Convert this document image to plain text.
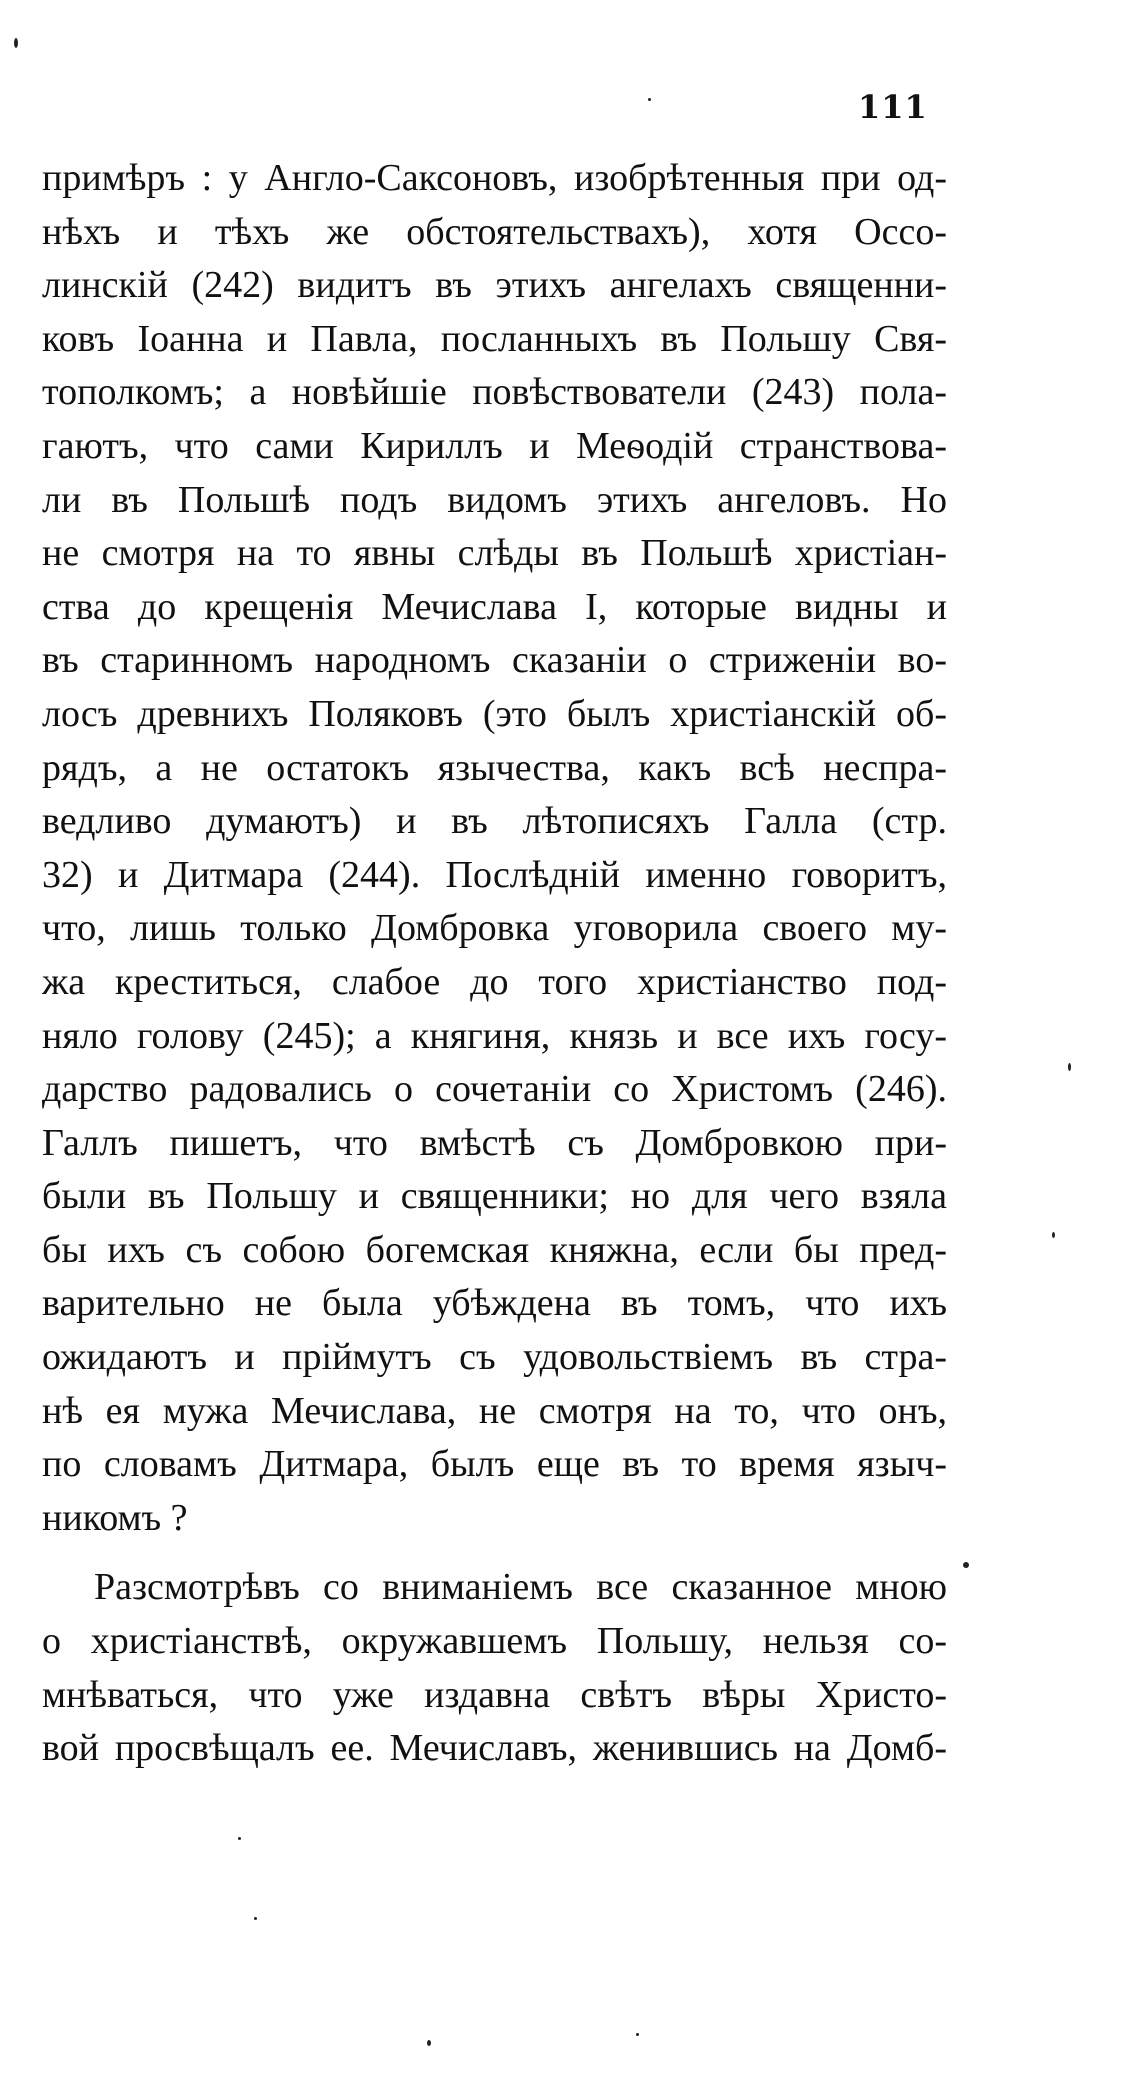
111
примѣръ : у Англо-Саксоновъ, изобрѣтенныя при од-
нѣхъ и тѣхъ же обстоятельствахъ), хотя Оссо-
линскій (242) видитъ въ этихъ ангелахъ священни-
ковъ Іоанна и Павла, посланныхъ въ Польшу Свя-
тополкомъ; а новѣйшіе повѣствователи (243) пола-
гаютъ, что сами Кириллъ и Меѳодій странствова-
ли въ Польшѣ подъ видомъ этихъ ангеловъ. Но
не смотря на то явны слѣды въ Польшѣ христіан-
ства до крещенія Мечислава I, которые видны и
въ старинномъ народномъ сказаніи о стриженіи во-
лосъ древнихъ Поляковъ (это былъ христіанскій об-
рядъ, а не остатокъ язычества, какъ всѣ неспра-
ведливо думаютъ) и въ лѣтописяхъ Галла (стр.
32) и Дитмара (244). Послѣдній именно говоритъ,
что, лишь только Домбровка уговорила своего му-
жа креститься, слабое до того христіанство под-
няло голову (245); а княгиня, князь и все ихъ госу-
дарство радовались о сочетаніи со Христомъ (246).
Галлъ пишетъ, что вмѣстѣ съ Домбровкою при-
были въ Польшу и священники; но для чего взяла
бы ихъ съ собою богемская княжна, если бы пред-
варительно не была убѣждена въ томъ, что ихъ
ожидаютъ и пріймутъ съ удовольствіемъ въ стра-
нѣ ея мужа Мечислава, не смотря на то, что онъ,
по словамъ Дитмара, былъ еще въ то время языч-
никомъ ?
Разсмотрѣвъ со вниманіемъ все сказанное мною
о христіанствѣ, окружавшемъ Польшу, нельзя со-
мнѣваться, что уже издавна свѣтъ вѣры Христо-
вой просвѣщалъ ее. Мечиславъ, женившись на Домб-
